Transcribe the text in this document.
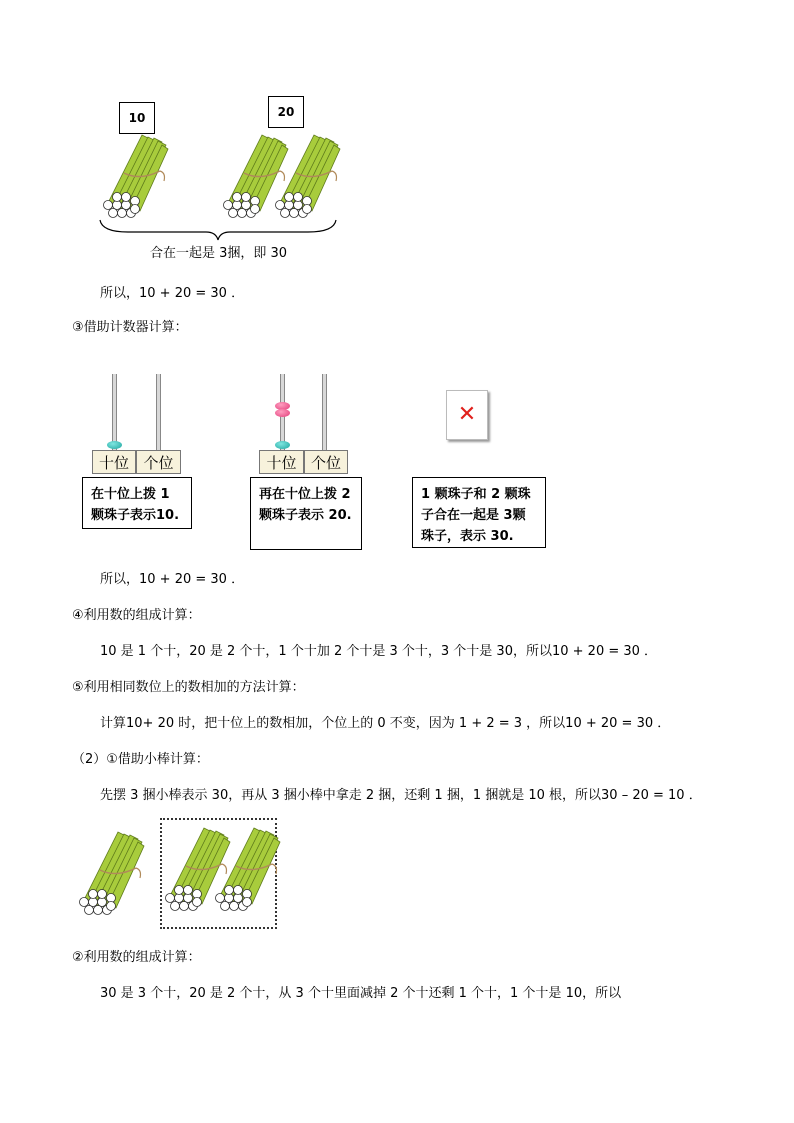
10	20
合在一起是 3捆，即 30
所以，10 + 20 = 30 ．
③借助计数器计算：
十位 个位
在十位上拨 1 颗珠子表示10.
十位 个位
再在十位上拨 2 颗珠子表示 20.
✕
1 颗珠子和 2 颗珠子合在一起是 3颗珠子，表示 30.
所以，10 + 20 = 30 ．
④利用数的组成计算：
10 是 1 个十，20 是 2 个十，1 个十加 2 个十是 3 个十，3 个十是 30，所以10 + 20 = 30 ．
⑤利用相同数位上的数相加的方法计算：
计算10+ 20 时，把十位上的数相加，个位上的 0 不变，因为 1 + 2 = 3 ，所以10 + 20 = 30 ．
（2）①借助小棒计算：
先摆 3 捆小棒表示 30，再从 3 捆小棒中拿走 2 捆，还剩 1 捆，1 捆就是 10 根，所以30 – 20 = 10 ．
②利用数的组成计算：
30 是 3 个十，20 是 2 个十，从 3 个十里面减掉 2 个十还剩 1 个十，1 个十是 10，所以
